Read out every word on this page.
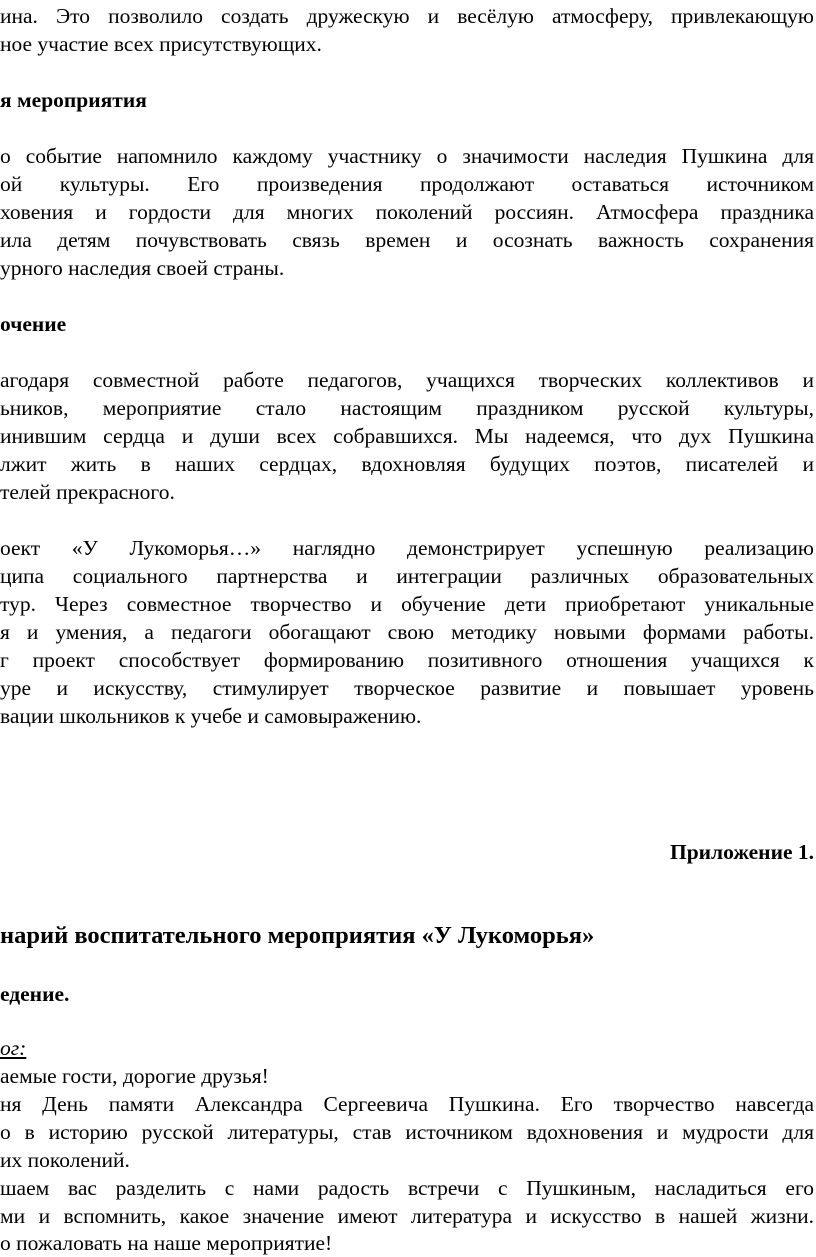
ина. Это позволило создать дружескую и весёлую атмосферу, привлекающую
ное участие всех присутствующих.
я мероприятия
о событие напомнило каждому участнику о значимости наследия Пушкина для
ой культуры. Его произведения продолжают оставаться источником
ховения и гордости для многих поколений россиян. Атмосфера праздника
ила детям почувствовать связь времен и осознать важность сохранения
урного наследия своей страны.
очение
агодаря совместной работе педагогов, учащихся творческих коллективов и
ьников, мероприятие стало настоящим праздником русской культуры,
инившим сердца и души всех собравшихся. Мы надеемся, что дух Пушкина
лжит жить в наших сердцах, вдохновляя будущих поэтов, писателей и
телей прекрасного.
оект «У Лукоморья…» наглядно демонстрирует успешную реализацию
ципа социального партнерства и интеграции различных образовательных
тур. Через совместное творчество и обучение дети приобретают уникальные
я и умения, а педагоги обогащают свою методику новыми формами работы.
г проект способствует формированию позитивного отношения учащихся к
уре и искусству, стимулирует творческое развитие и повышает уровень
вации школьников к учебе и самовыражению.
Приложение 1.
нарий воспитательного мероприятия «У Лукоморья»
едение.
ог:
аемые гости, дорогие друзья!
ня День памяти Александра Сергеевича Пушкина. Его творчество навсегда
о в историю русской литературы, став источником вдохновения и мудрости для
их поколений.
шаем вас разделить с нами радость встречи с Пушкиным, насладиться его
ми и вспомнить, какое значение имеют литература и искусство в нашей жизни.
о пожаловать на наше мероприятие!
